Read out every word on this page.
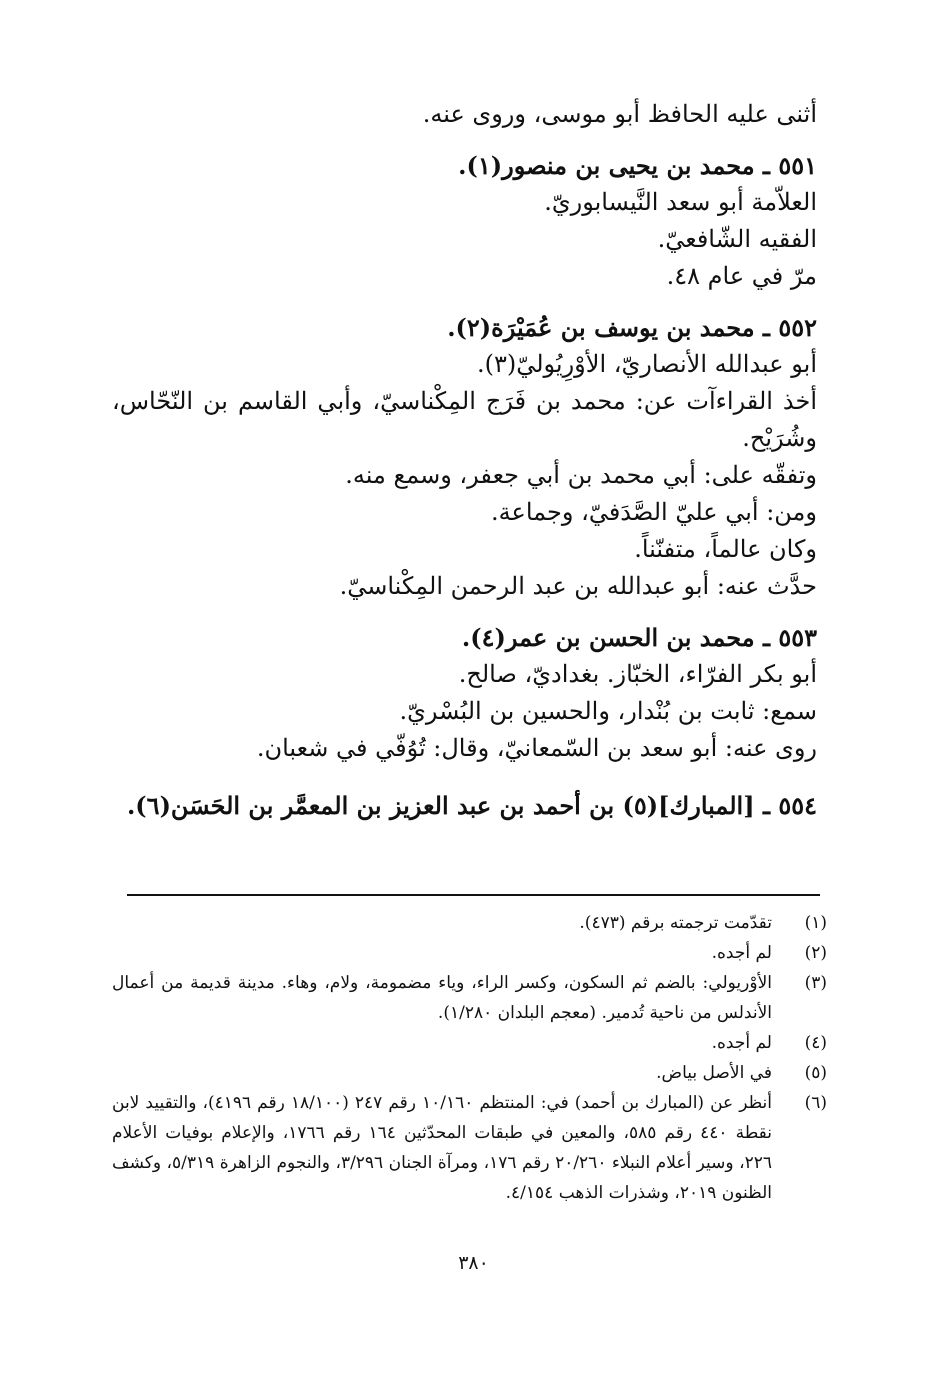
أثنى عليه الحافظ أبو موسى، وروى عنه.
٥٥١ ـ محمد بن يحيى بن منصور(١).
العلاّمة أبو سعد النَّيسابوريّ.
الفقيه الشّافعيّ.
مرّ في عام ٤٨.
٥٥٢ ـ محمد بن يوسف بن عُمَيْرَة(٢).
أبو عبدالله الأنصاريّ، الأوْرِيُوليّ(٣).
أخذ القراءآت عن: محمد بن فَرَج المِكْناسيّ، وأبي القاسم بن النّحّاس، وشُرَيْح.
وتفقّه على: أبي محمد بن أبي جعفر، وسمع منه.
ومن: أبي عليّ الصَّدَفيّ، وجماعة.
وكان عالماً، متفنّناً.
حدَّث عنه: أبو عبدالله بن عبد الرحمن المِكْناسيّ.
٥٥٣ ـ محمد بن الحسن بن عمر(٤).
أبو بكر الفرّاء، الخبّاز. بغداديّ، صالح.
سمع: ثابت بن بُنْدار، والحسين بن البُسْريّ.
روى عنه: أبو سعد بن السّمعانيّ، وقال: تُوُفّي في شعبان.
٥٥٤ ـ [المبارك](٥) بن أحمد بن عبد العزيز بن المعمَّر بن الحَسَن(٦).
(١)
تقدّمت ترجمته برقم (٤٧٣).
(٢)
لم أجده.
(٣)
الأوْريولي: بالضم ثم السكون، وكسر الراء، وياء مضمومة، ولام، وهاء. مدينة قديمة من أعمال الأندلس من ناحية تُدمير. (معجم البلدان ١/٢٨٠).
(٤)
لم أجده.
(٥)
في الأصل بياض.
(٦)
أنظر عن (المبارك بن أحمد) في: المنتظم ١٠/١٦٠ رقم ٢٤٧ (١٨/١٠٠ رقم ٤١٩٦)، والتقييد لابن نقطة ٤٤٠ رقم ٥٨٥، والمعين في طبقات المحدّثين ١٦٤ رقم ١٧٦٦، والإعلام بوفيات الأعلام ٢٢٦، وسير أعلام النبلاء ٢٠/٢٦٠ رقم ١٧٦، ومرآة الجنان ٣/٢٩٦، والنجوم الزاهرة ٥/٣١٩، وكشف الظنون ٢٠١٩، وشذرات الذهب ٤/١٥٤.
٣٨٠
